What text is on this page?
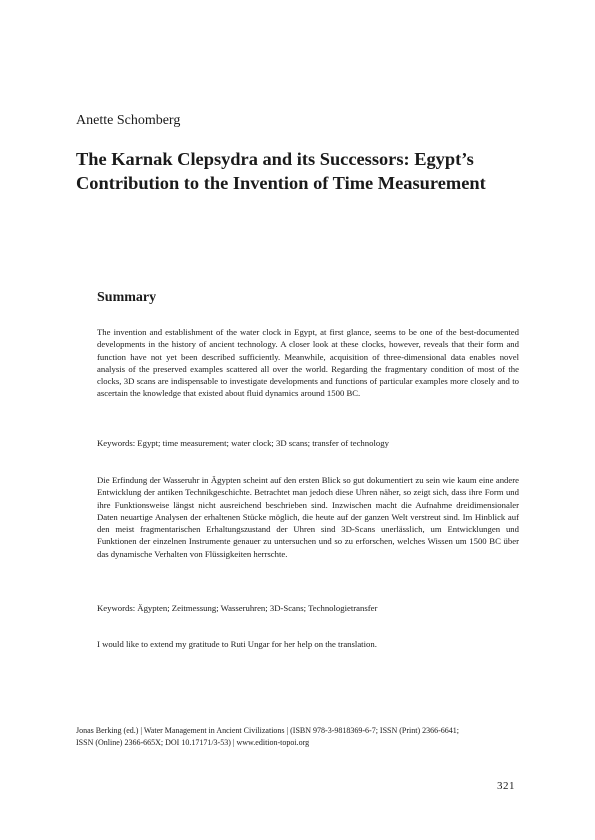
Anette Schomberg
The Karnak Clepsydra and its Successors: Egypt’s Contribution to the Invention of Time Measurement
Summary

The invention and establishment of the water clock in Egypt, at first glance, seems to be one of the best-documented developments in the history of ancient technology. A closer look at these clocks, however, reveals that their form and function have not yet been described sufficiently. Meanwhile, acquisition of three-dimensional data enables novel analysis of the preserved examples scattered all over the world. Regarding the fragmentary condition of most of the clocks, 3D scans are indispensable to investigate developments and functions of particular examples more closely and to ascertain the knowledge that existed about fluid dynamics around 1500 BC.

Keywords: Egypt; time measurement; water clock; 3D scans; transfer of technology

Die Erfindung der Wasseruhr in Ägypten scheint auf den ersten Blick so gut dokumentiert zu sein wie kaum eine andere Entwicklung der antiken Technikgeschichte. Betrachtet man jedoch diese Uhren näher, so zeigt sich, dass ihre Form und ihre Funktionsweise längst nicht ausreichend beschrieben sind. Inzwischen macht die Aufnahme dreidimensionaler Daten neuartige Analysen der erhaltenen Stücke möglich, die heute auf der ganzen Welt verstreut sind. Im Hinblick auf den meist fragmentarischen Erhaltungszustand der Uhren sind 3D-Scans unerlässlich, um Entwicklungen und Funktionen der einzelnen Instrumente genauer zu untersuchen und so zu erforschen, welches Wissen um 1500 BC über das dynamische Verhalten von Flüssigkeiten herrschte.

Keywords: Ägypten; Zeitmessung; Wasseruhren; 3D-Scans; Technologietransfer

I would like to extend my gratitude to Ruti Ungar for her help on the translation.

Jonas Berking (ed.) | Water Management in Ancient Civilizations | (ISBN 978-3-9818369-6-7; ISSN (Print) 2366-6641; ISSN (Online) 2366-665X; DOI 10.17171/3-53) | www.edition-topoi.org

321
